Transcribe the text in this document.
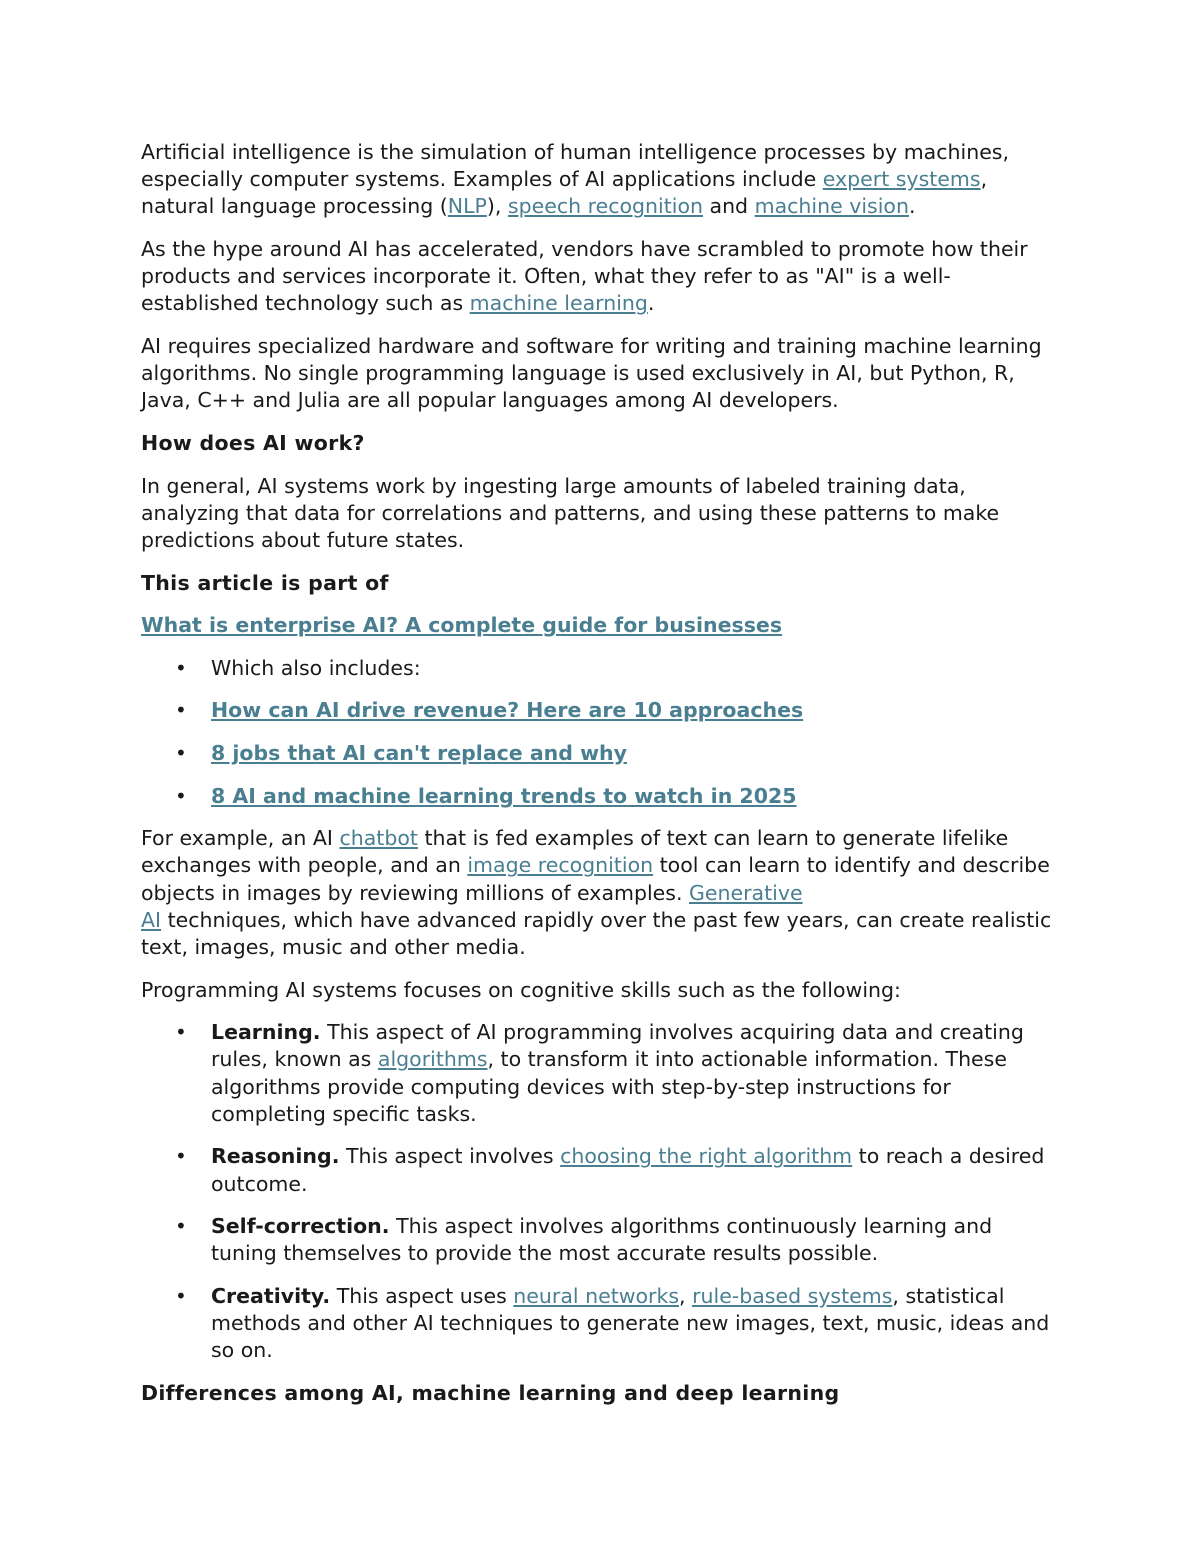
Artificial intelligence is the simulation of human intelligence processes by machines, especially computer systems. Examples of AI applications include expert systems, natural language processing (NLP), speech recognition and machine vision.

As the hype around AI has accelerated, vendors have scrambled to promote how their products and services incorporate it. Often, what they refer to as "AI" is a well-established technology such as machine learning.

AI requires specialized hardware and software for writing and training machine learning algorithms. No single programming language is used exclusively in AI, but Python, R, Java, C++ and Julia are all popular languages among AI developers.

How does AI work?

In general, AI systems work by ingesting large amounts of labeled training data, analyzing that data for correlations and patterns, and using these patterns to make predictions about future states.

This article is part of

What is enterprise AI? A complete guide for businesses

• Which also includes:
• How can AI drive revenue? Here are 10 approaches
• 8 jobs that AI can't replace and why
• 8 AI and machine learning trends to watch in 2025

For example, an AI chatbot that is fed examples of text can learn to generate lifelike exchanges with people, and an image recognition tool can learn to identify and describe objects in images by reviewing millions of examples. Generative
AI techniques, which have advanced rapidly over the past few years, can create realistic text, images, music and other media.

Programming AI systems focuses on cognitive skills such as the following:

• Learning. This aspect of AI programming involves acquiring data and creating rules, known as algorithms, to transform it into actionable information. These algorithms provide computing devices with step-by-step instructions for completing specific tasks.
• Reasoning. This aspect involves choosing the right algorithm to reach a desired outcome.
• Self-correction. This aspect involves algorithms continuously learning and tuning themselves to provide the most accurate results possible.
• Creativity. This aspect uses neural networks, rule-based systems, statistical methods and other AI techniques to generate new images, text, music, ideas and so on.

Differences among AI, machine learning and deep learning
